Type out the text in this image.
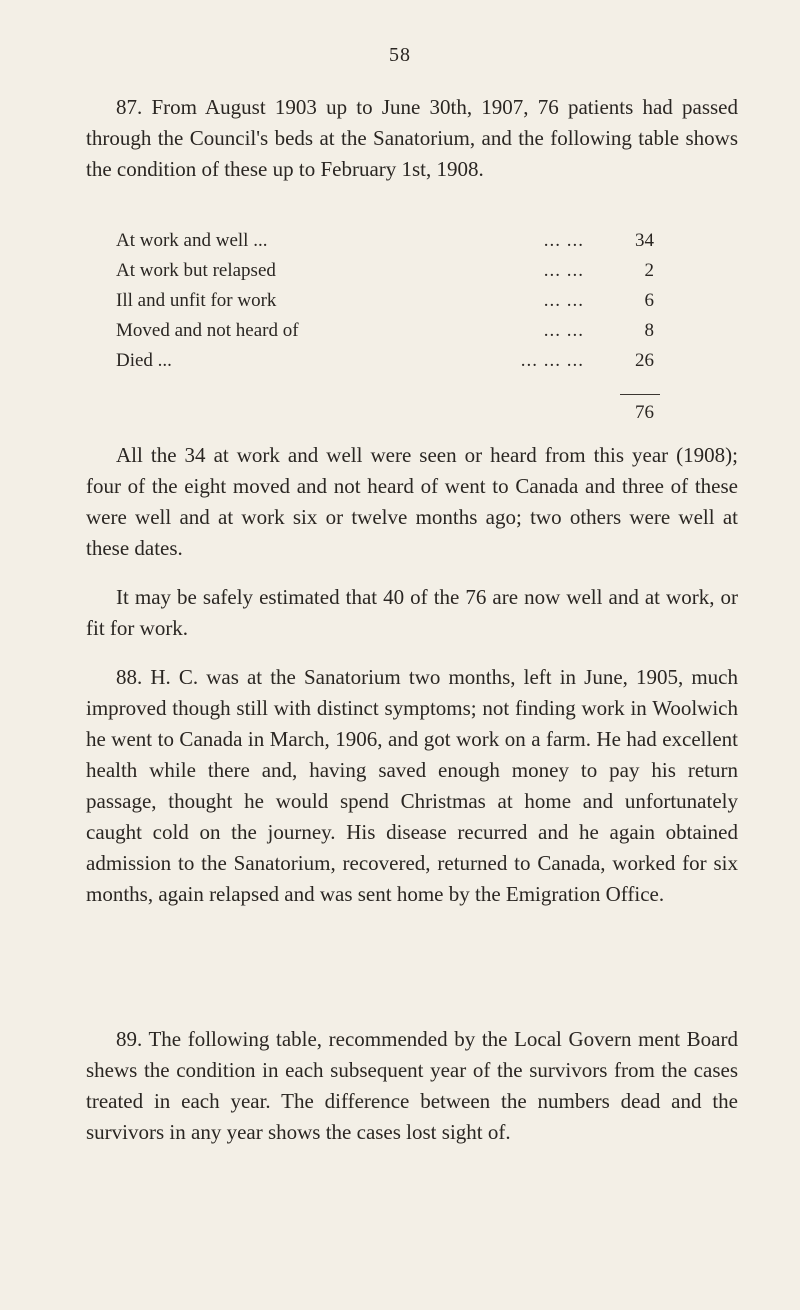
58

87. From August 1903 up to June 30th, 1907, 76 patients had passed through the Council's beds at the Sanatorium, and the following table shows the condition of these up to February 1st, 1908.

At work and well ...	... ...	34
At work but relapsed	... ...	2
Ill and unfit for work	... ...	6
Moved and not heard of	... ...	8
Died ...	... ... ...	26
76

All the 34 at work and well were seen or heard from this year (1908); four of the eight moved and not heard of went to Canada and three of these were well and at work six or twelve months ago; two others were well at these dates.

It may be safely estimated that 40 of the 76 are now well and at work, or fit for work.

88. H. C. was at the Sanatorium two months, left in June, 1905, much improved though still with distinct symptoms; not finding work in Woolwich he went to Canada in March, 1906, and got work on a farm. He had excellent health while there and, having saved enough money to pay his return passage, thought he would spend Christmas at home and unfortunately caught cold on the journey. His disease recurred and he again obtained admission to the Sanatorium, recovered, returned to Canada, worked for six months, again relapsed and was sent home by the Emigration Office.

89. The following table, recommended by the Local Govern ment Board shews the condition in each subsequent year of the survivors from the cases treated in each year. The difference between the numbers dead and the survivors in any year shows the cases lost sight of.
